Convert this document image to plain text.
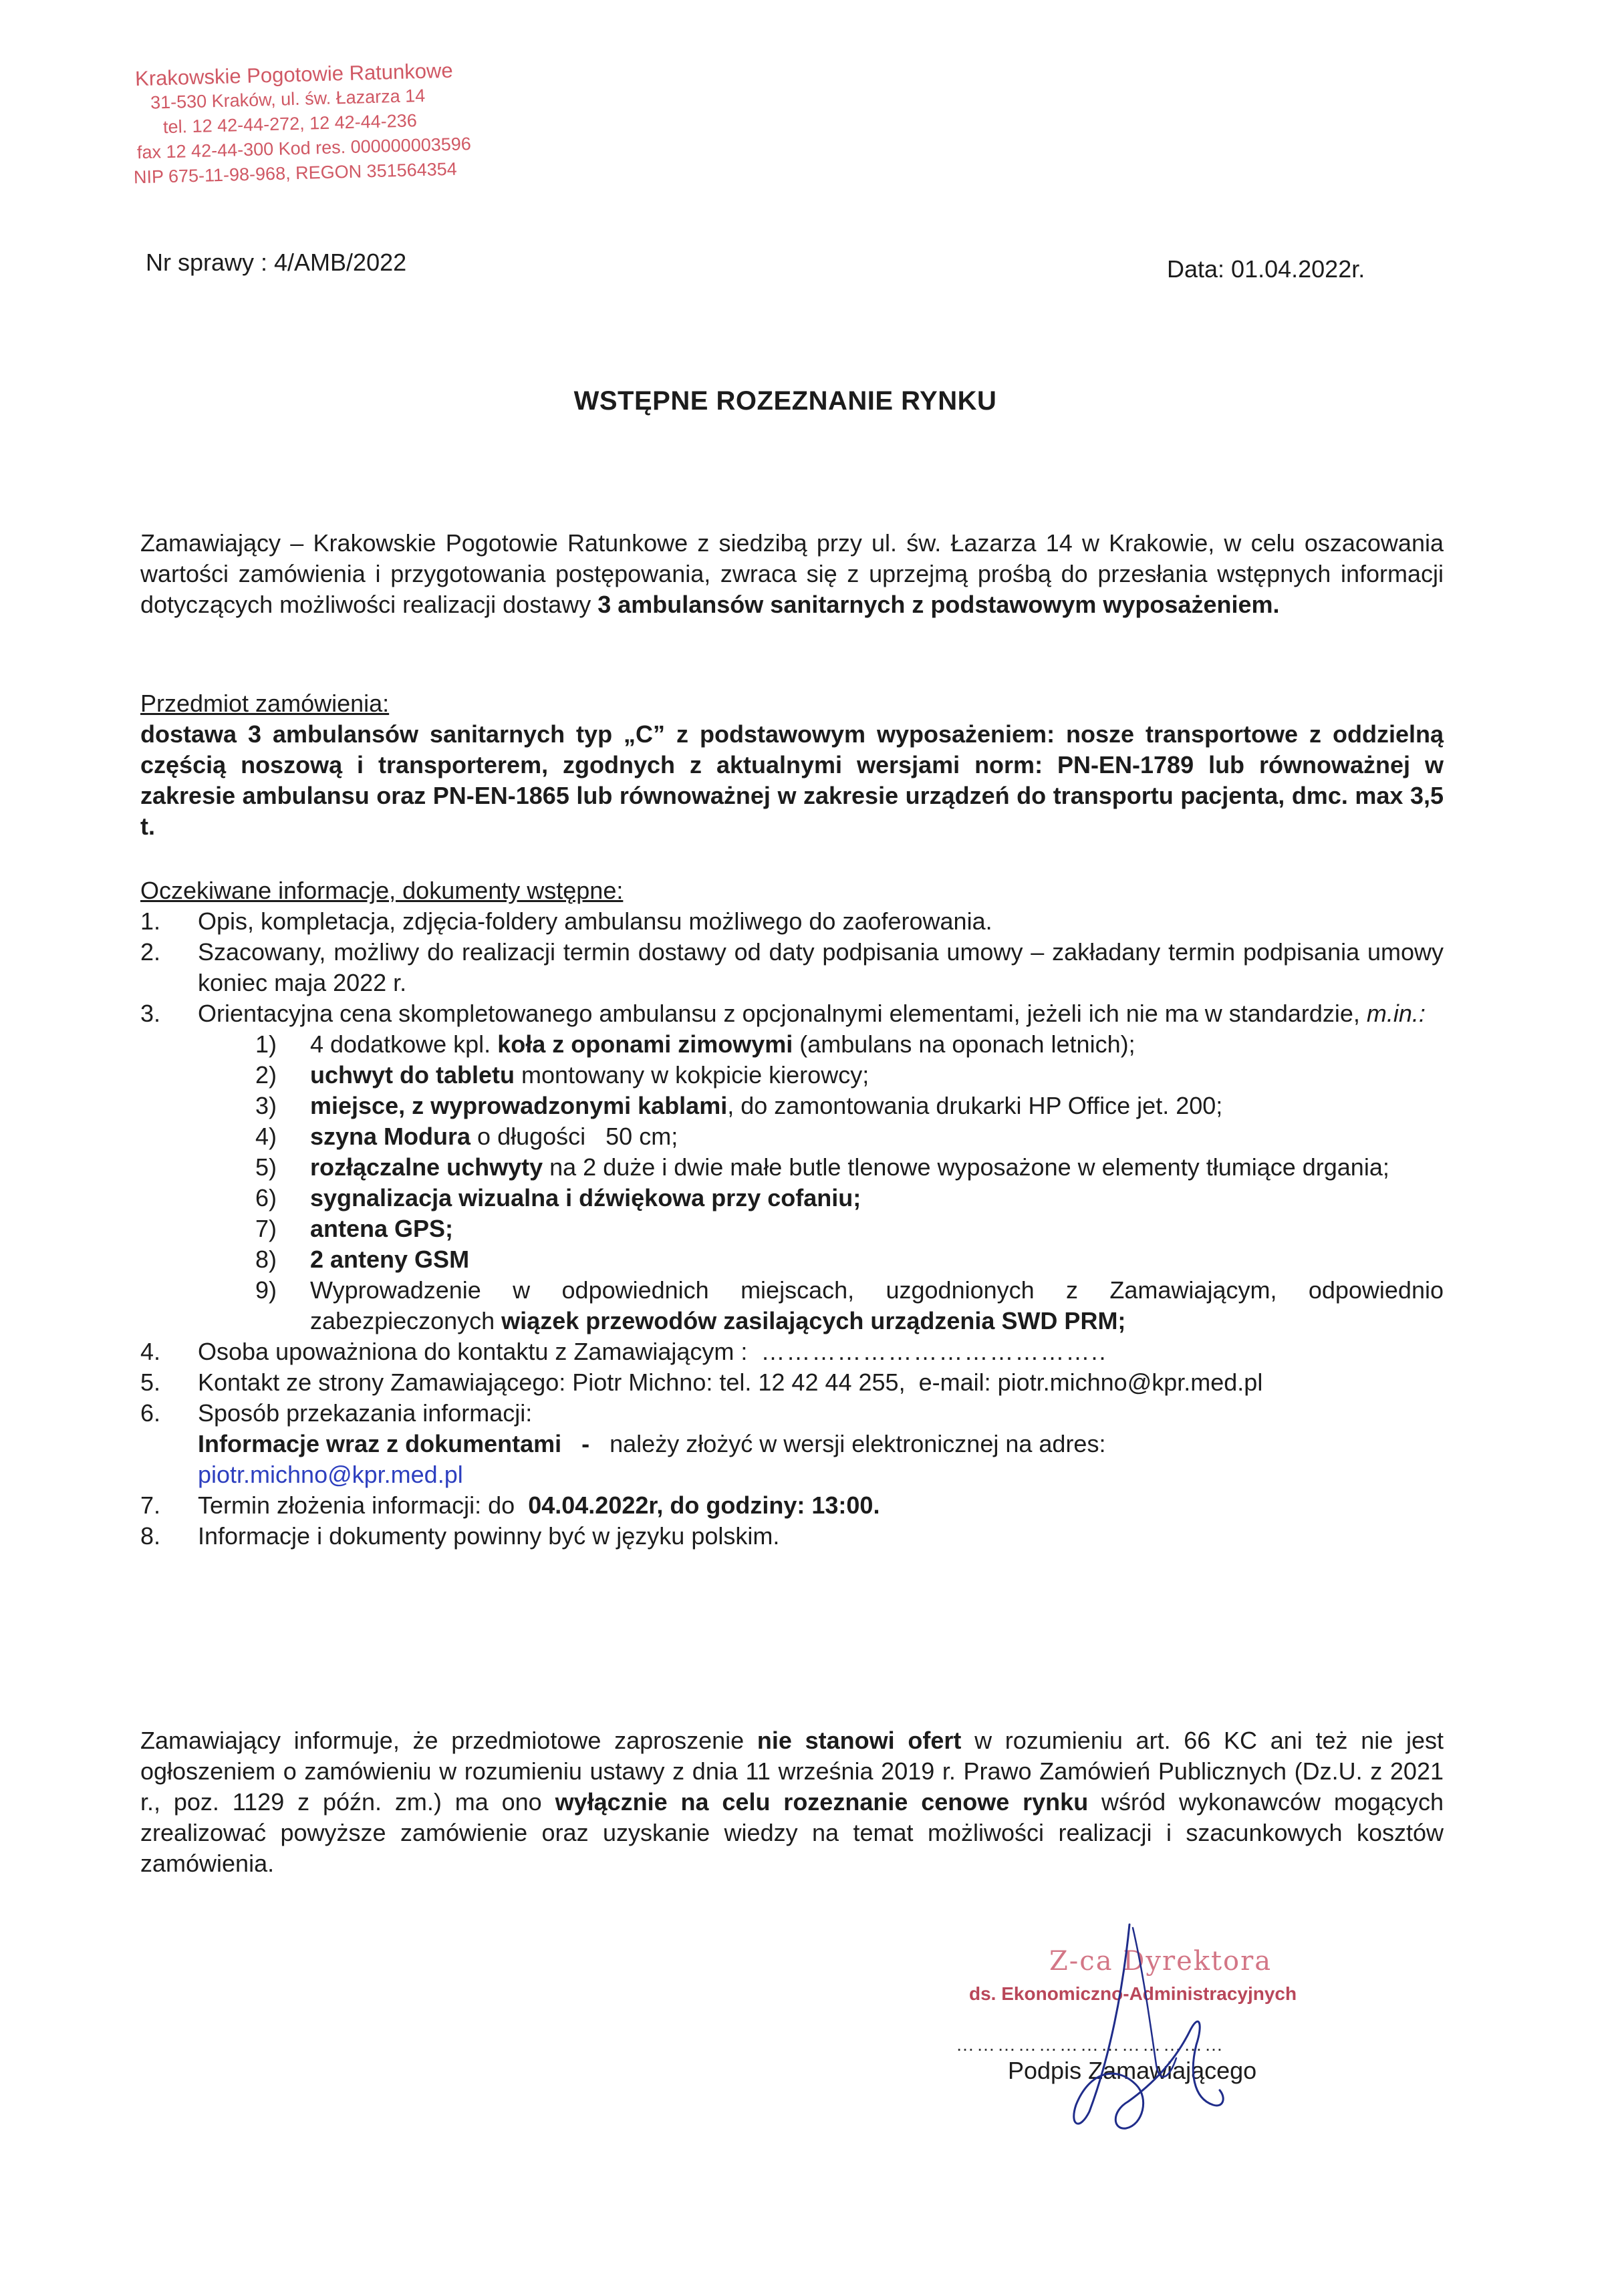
Krakowskie Pogotowie Ratunkowe
31-530 Kraków, ul. św. Łazarza 14
tel. 12 42-44-272, 12 42-44-236
fax 12 42-44-300 Kod res. 000000003596
NIP 675-11-98-968, REGON 351564354
Nr sprawy : 4/AMB/2022	Data: 01.04.2022r.
WSTĘPNE ROZEZNANIE RYNKU
Zamawiający – Krakowskie Pogotowie Ratunkowe z siedzibą przy ul. św. Łazarza 14 w Krakowie, w celu oszacowania wartości zamówienia i przygotowania postępowania, zwraca się z uprzejmą prośbą do przesłania wstępnych informacji dotyczących możliwości realizacji dostawy 3 ambulansów sanitarnych z podstawowym wyposażeniem.
Przedmiot zamówienia:
dostawa 3 ambulansów sanitarnych typ „C” z podstawowym wyposażeniem: nosze transportowe z oddzielną częścią noszową i transporterem, zgodnych z aktualnymi wersjami norm: PN-EN-1789 lub równoważnej w zakresie ambulansu oraz PN-EN-1865 lub równoważnej w zakresie urządzeń do transportu pacjenta, dmc. max 3,5 t.
Oczekiwane informacje, dokumenty wstępne:
1. Opis, kompletacja, zdjęcia-foldery ambulansu możliwego do zaoferowania.
2. Szacowany, możliwy do realizacji termin dostawy od daty podpisania umowy – zakładany termin podpisania umowy koniec maja 2022 r.
3. Orientacyjna cena skompletowanego ambulansu z opcjonalnymi elementami, jeżeli ich nie ma w standardzie, m.in.:
1) 4 dodatkowe kpl. koła z oponami zimowymi (ambulans na oponach letnich);
2) uchwyt do tabletu montowany w kokpicie kierowcy;
3) miejsce, z wyprowadzonymi kablami, do zamontowania drukarki HP Office jet. 200;
4) szyna Modura o długości   50 cm;
5) rozłączalne uchwyty na 2 duże i dwie małe butle tlenowe wyposażone w elementy tłumiące drgania;
6) sygnalizacja wizualna i dźwiękowa przy cofaniu;
7) antena GPS;
8) 2 anteny GSM
9) Wyprowadzenie w odpowiednich miejscach, uzgodnionych z Zamawiającym, odpowiednio zabezpieczonych wiązek przewodów zasilających urządzenia SWD PRM;
4. Osoba upoważniona do kontaktu z Zamawiającym : …………………………………..
5. Kontakt ze strony Zamawiającego: Piotr Michno: tel. 12 42 44 255,  e-mail: piotr.michno@kpr.med.pl
6. Sposób przekazania informacji:
Informacje wraz z dokumentami   -   należy złożyć w wersji elektronicznej na adres:
piotr.michno@kpr.med.pl
7. Termin złożenia informacji: do  04.04.2022r, do godziny: 13:00.
8. Informacje i dokumenty powinny być w języku polskim.
Zamawiający informuje, że przedmiotowe zaproszenie nie stanowi ofert w rozumieniu art. 66 KC ani też nie jest ogłoszeniem o zamówieniu w rozumieniu ustawy z dnia 11 września 2019 r. Prawo Zamówień Publicznych (Dz.U. z 2021 r., poz. 1129 z późn. zm.) ma ono wyłącznie na celu rozeznanie cenowe rynku wśród wykonawców mogących zrealizować powyższe zamówienie oraz uzyskanie wiedzy na temat możliwości realizacji i szacunkowych kosztów zamówienia.
Z-ca Dyrektora
ds. Ekonomiczno-Administracyjnych
…………………………………
Podpis Zamawiającego
